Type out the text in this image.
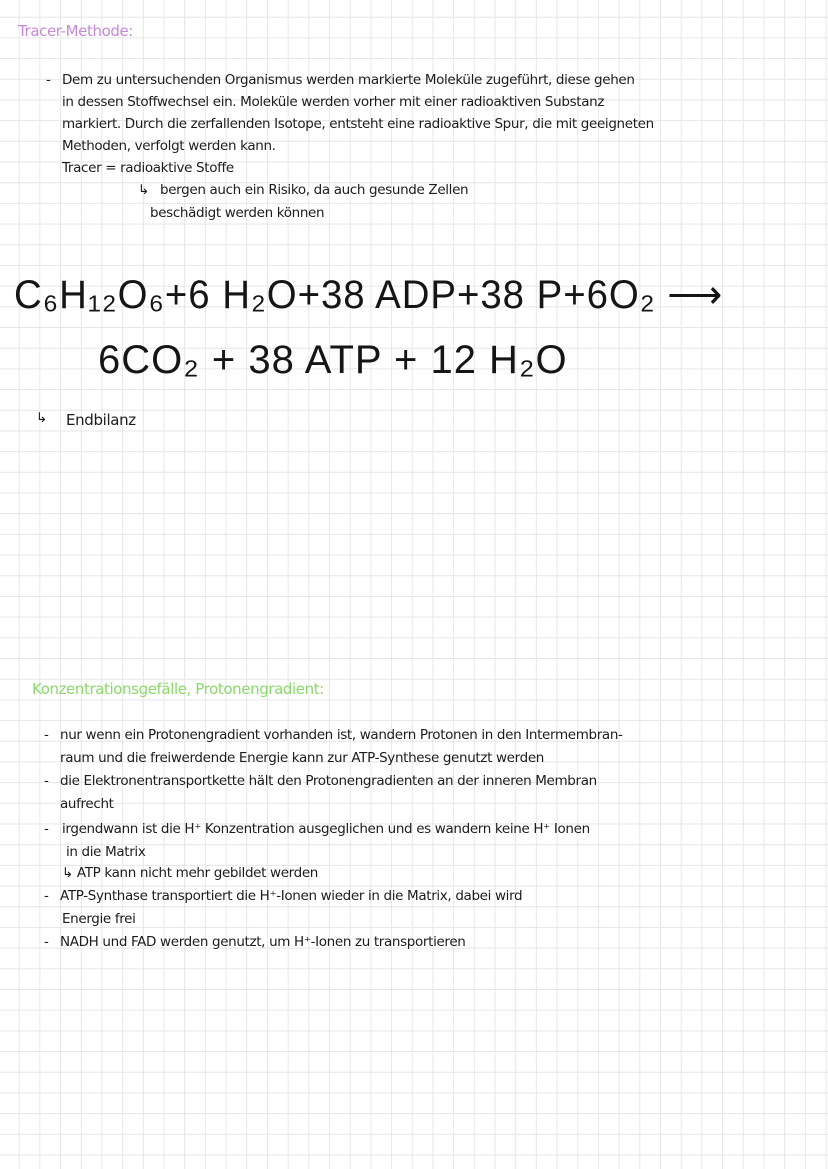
Tracer-Methode:
- Dem zu untersuchenden Organismus werden markierte Moleküle zugeführt, diese gehen
in dessen Stoffwechsel ein. Moleküle werden vorher mit einer radioaktiven Substanz
markiert. Durch die zerfallenden Isotope, entsteht eine radioaktive Spur, die mit geeigneten
Methoden, verfolgt werden kann.
Tracer = radioaktive Stoffe
↳ bergen auch ein Risiko, da auch gesunde Zellen
beschädigt werden können
C₆H₁₂O₆+6 H₂O+38 ADP+38 P+6O₂ ⟶
6CO₂ + 38 ATP + 12 H₂O
↳ Endbilanz
Konzentrationsgefälle, Protonengradient:
- nur wenn ein Protonengradient vorhanden ist, wandern Protonen in den Intermembran-
raum und die freiwerdende Energie kann zur ATP-Synthese genutzt werden
- die Elektronentransportkette hält den Protonengradienten an der inneren Membran
aufrecht
- irgendwann ist die H⁺ Konzentration ausgeglichen und es wandern keine H⁺ Ionen
in die Matrix
↳ ATP kann nicht mehr gebildet werden
- ATP-Synthase transportiert die H⁺-Ionen wieder in die Matrix, dabei wird
Energie frei
- NADH und FAD werden genutzt, um H⁺-Ionen zu transportieren
